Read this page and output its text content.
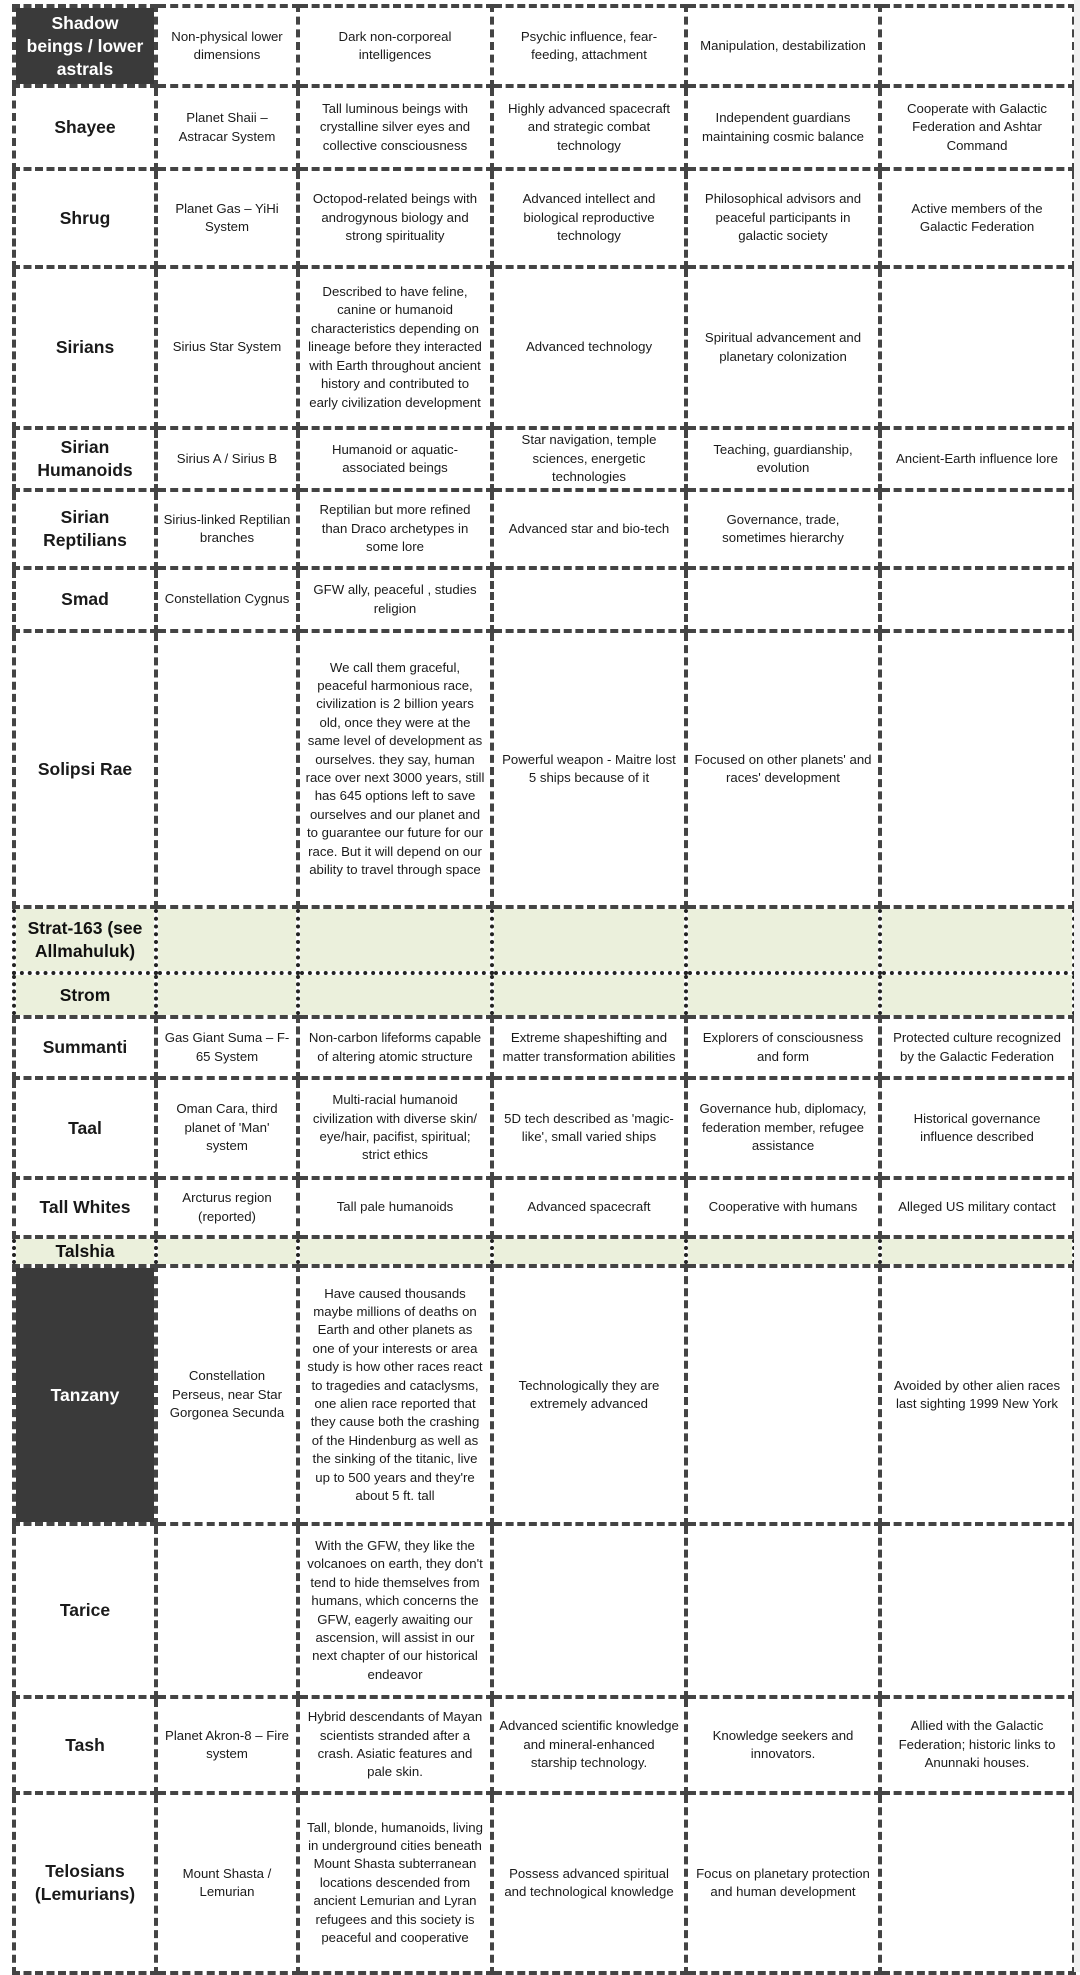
Shadow beings / lower astrals	Non-physical lower dimensions	Dark non-corporeal intelligences	Psychic influence, fear-feeding, attachment	Manipulation, destabilization	
Shayee	Planet Shaii – Astracar System	Tall luminous beings with crystalline silver eyes and collective consciousness	Highly advanced spacecraft and strategic combat technology	Independent guardians maintaining cosmic balance	Cooperate with Galactic Federation and Ashtar Command
Shrug	Planet Gas – YiHi System	Octopod-related beings with androgynous biology and strong spirituality	Advanced intellect and biological reproductive technology	Philosophical advisors and peaceful participants in galactic society	Active members of the Galactic Federation
Sirians	Sirius Star System	Described to have feline, canine or humanoid characteristics depending on lineage before they interacted with Earth throughout ancient history and contributed to early civilization development	Advanced technology	Spiritual advancement and planetary colonization	
Sirian Humanoids	Sirius A / Sirius B	Humanoid or aquatic-associated beings	Star navigation, temple sciences, energetic technologies	Teaching, guardianship, evolution	Ancient-Earth influence lore
Sirian Reptilians	Sirius-linked Reptilian branches	Reptilian but more refined than Draco archetypes in some lore	Advanced star and bio-tech	Governance, trade, sometimes hierarchy	
Smad	Constellation Cygnus	GFW ally, peaceful , studies religion			
Solipsi Rae		We call them graceful, peaceful harmonious race, civilization is 2 billion years old, once they were at the same level of development as ourselves. they say, human race over next 3000 years, still has 645 options left to save ourselves and our planet and to guarantee our future for our race. But it will depend on our ability to travel through space	Powerful weapon - Maitre lost 5 ships because of it	Focused on other planets' and races' development	
Strat-163 (see Allmahuluk)					
Strom					
Summanti	Gas Giant Suma – F-65 System	Non-carbon lifeforms capable of altering atomic structure	Extreme shapeshifting and matter transformation abilities	Explorers of consciousness and form	Protected culture recognized by the Galactic Federation
Taal	Oman Cara, third planet of 'Man' system	Multi-racial humanoid civilization with diverse skin/ eye/hair, pacifist, spiritual; strict ethics	5D tech described as 'magic-like', small varied ships	Governance hub, diplomacy, federation member, refugee assistance	Historical governance influence described
Tall Whites	Arcturus region (reported)	Tall pale humanoids	Advanced spacecraft	Cooperative with humans	Alleged US military contact
Talshia					
Tanzany	Constellation Perseus, near Star Gorgonea Secunda	Have caused thousands maybe millions of deaths on Earth and other planets as one of your interests or area study is how other races react to tragedies and cataclysms, one alien race reported that they cause both the crashing of the Hindenburg as well as the sinking of the titanic, live up to 500 years and they're about 5 ft. tall	Technologically they are extremely advanced		Avoided by other alien races last sighting 1999 New York
Tarice		With the GFW, they like the volcanoes on earth, they don't tend to hide themselves from humans, which concerns the GFW, eagerly awaiting our ascension, will assist in our next chapter of our historical endeavor			
Tash	Planet Akron-8 – Fire system	Hybrid descendants of Mayan scientists stranded after a crash. Asiatic features and pale skin.	Advanced scientific knowledge and mineral-enhanced starship technology.	Knowledge seekers and innovators.	Allied with the Galactic Federation; historic links to Anunnaki houses.
Telosians (Lemurians)	Mount Shasta / Lemurian	Tall, blonde, humanoids, living in underground cities beneath Mount Shasta subterranean locations descended from ancient Lemurian and Lyran refugees and this society is peaceful and cooperative	Possess advanced spiritual and technological knowledge	Focus on planetary protection and human development	
